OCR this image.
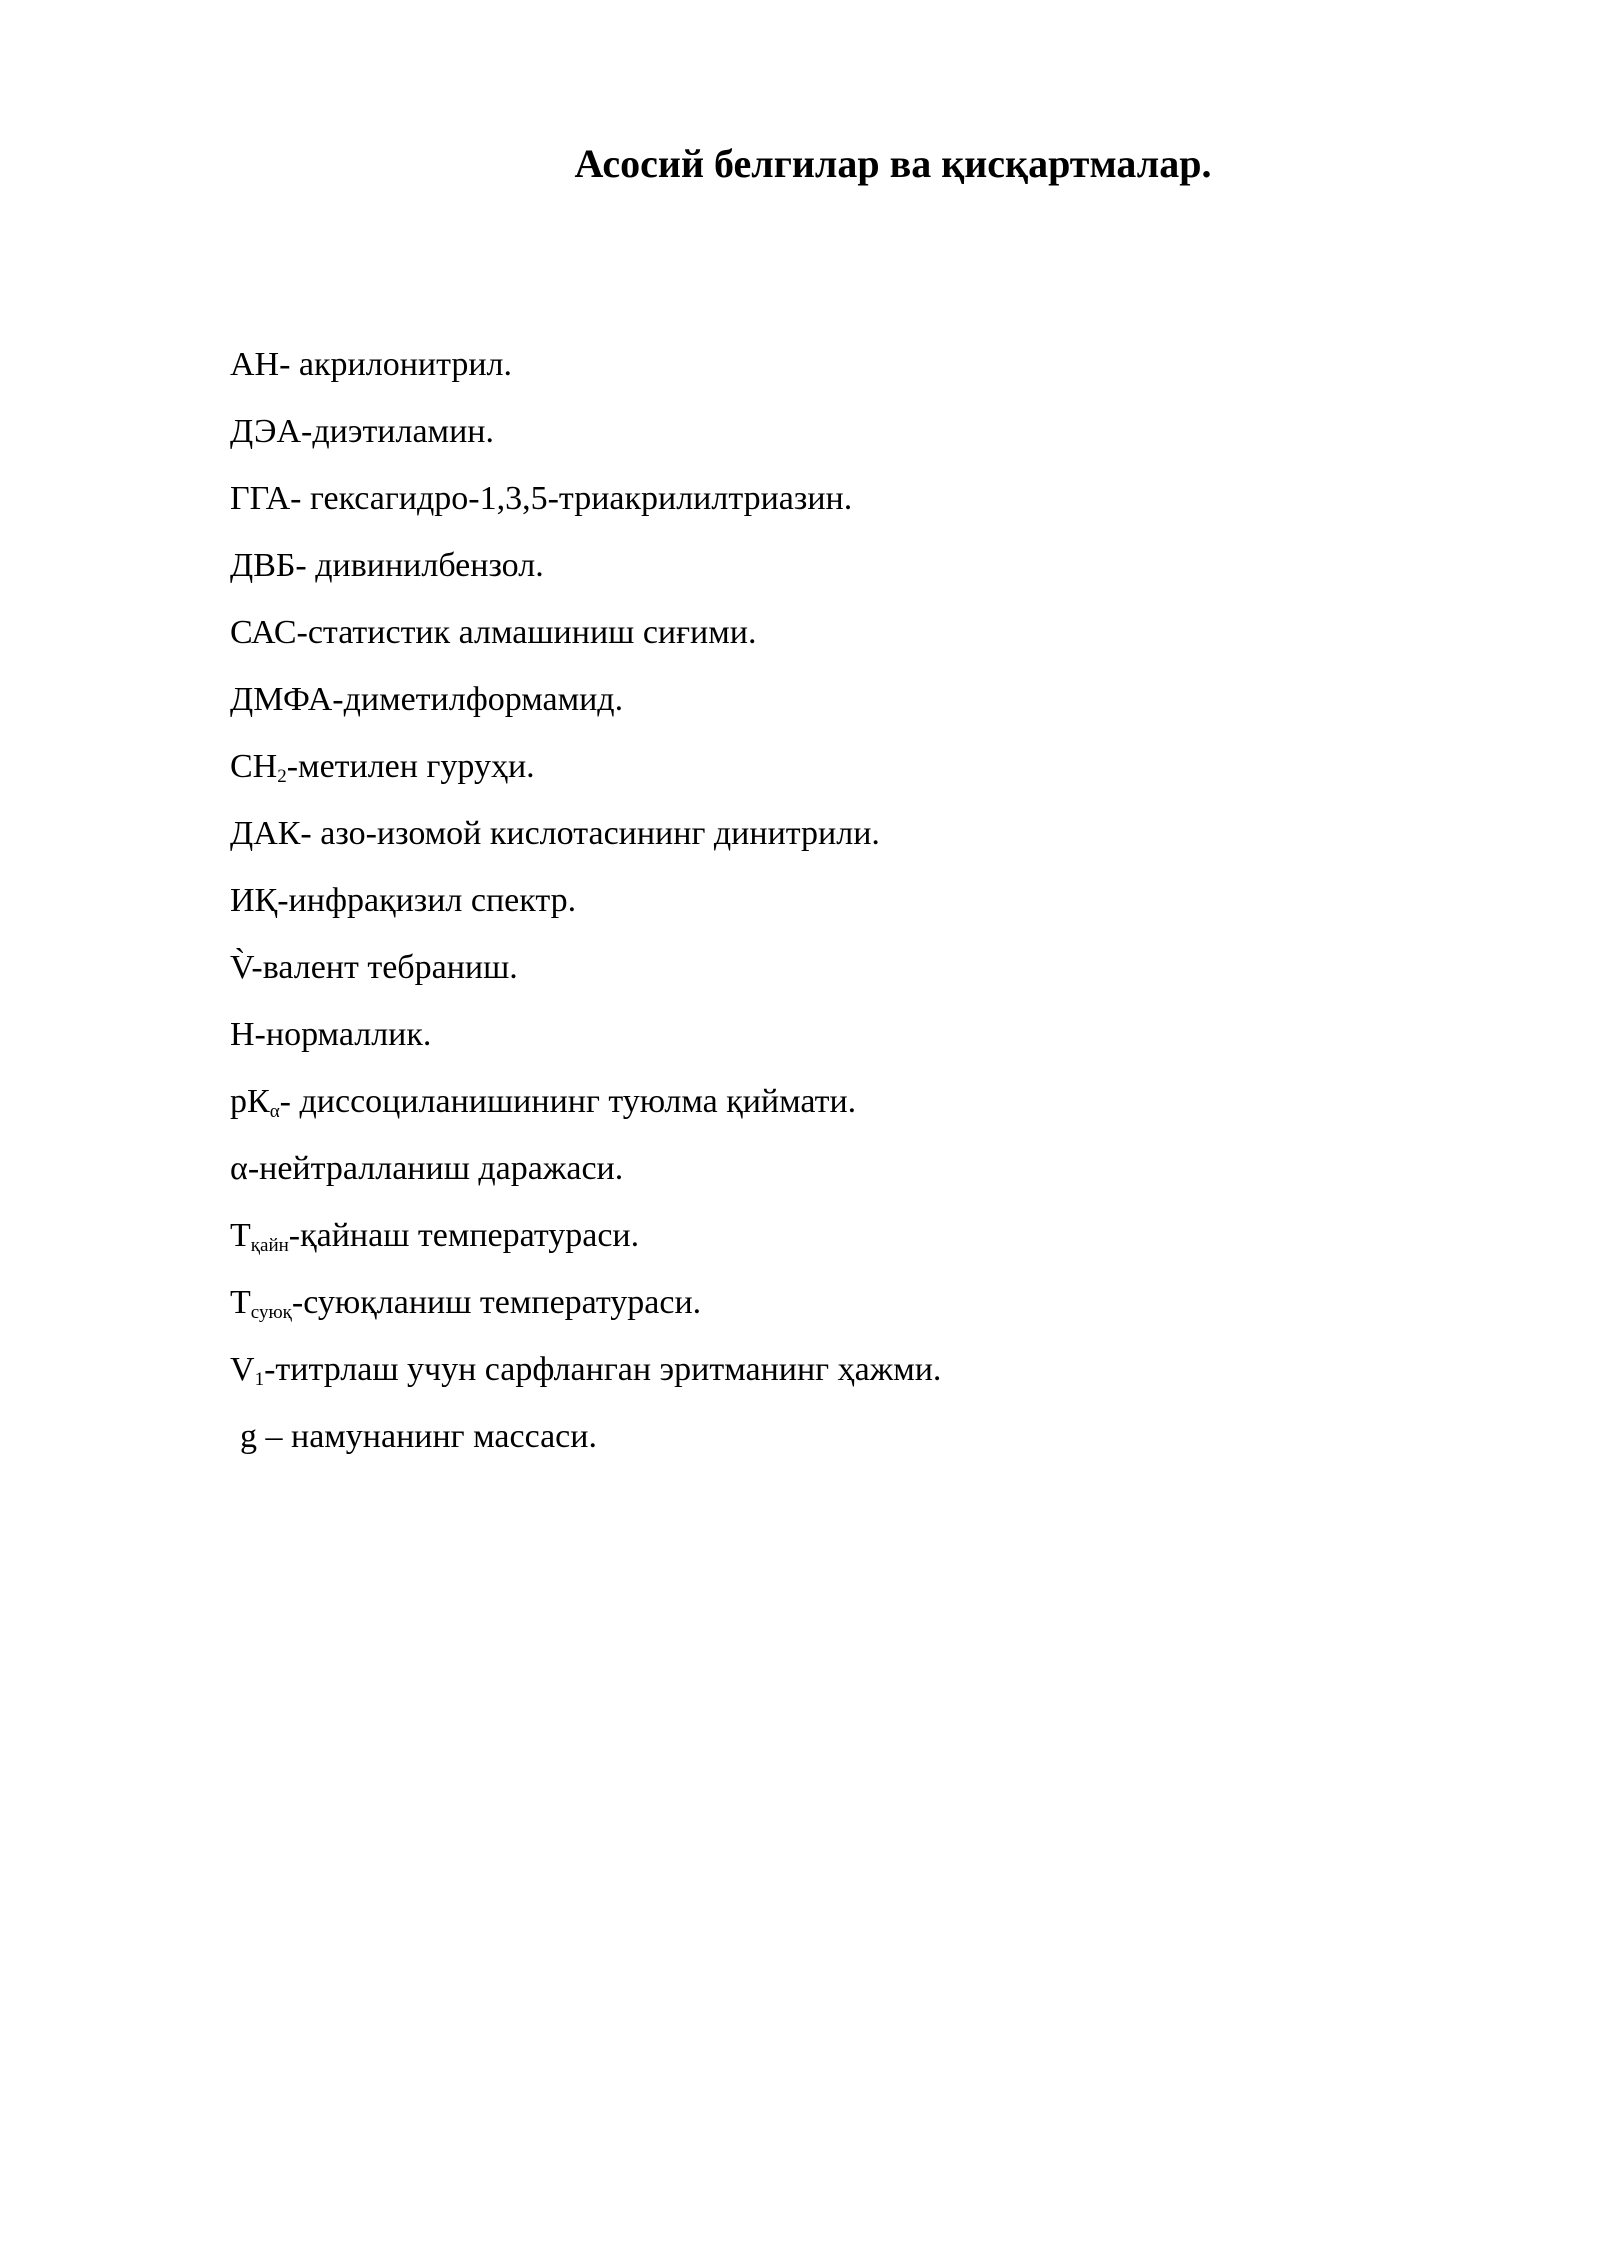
Асосий белгилар ва қисқартмалар.
АН- акрилонитрил.
ДЭА-диэтиламин.
ГГА- гексагидро-1,3,5-триакрилилтриазин.
ДВБ- дивинилбензол.
САС-статистик алмашиниш сиғими.
ДМФА-диметилформамид.
$СН_2$-метилен гуруҳи.
ДАК- азо-изомой кислотасининг динитрили.
ИҚ-инфрақизил спектр.
V̀-валент тебраниш.
Н-нормаллик.
$рК_\alpha-$ диссоциланишининг туюлма қиймати.
α-нейтралланиш даражаси.
$Т_{қайн}$-қайнаш температураси.
$Т_{суюқ}$-суюқланиш температураси.
$V_1$-титрлаш учун сарфланган эритманинг ҳажми.
g – намунанинг массаси.
